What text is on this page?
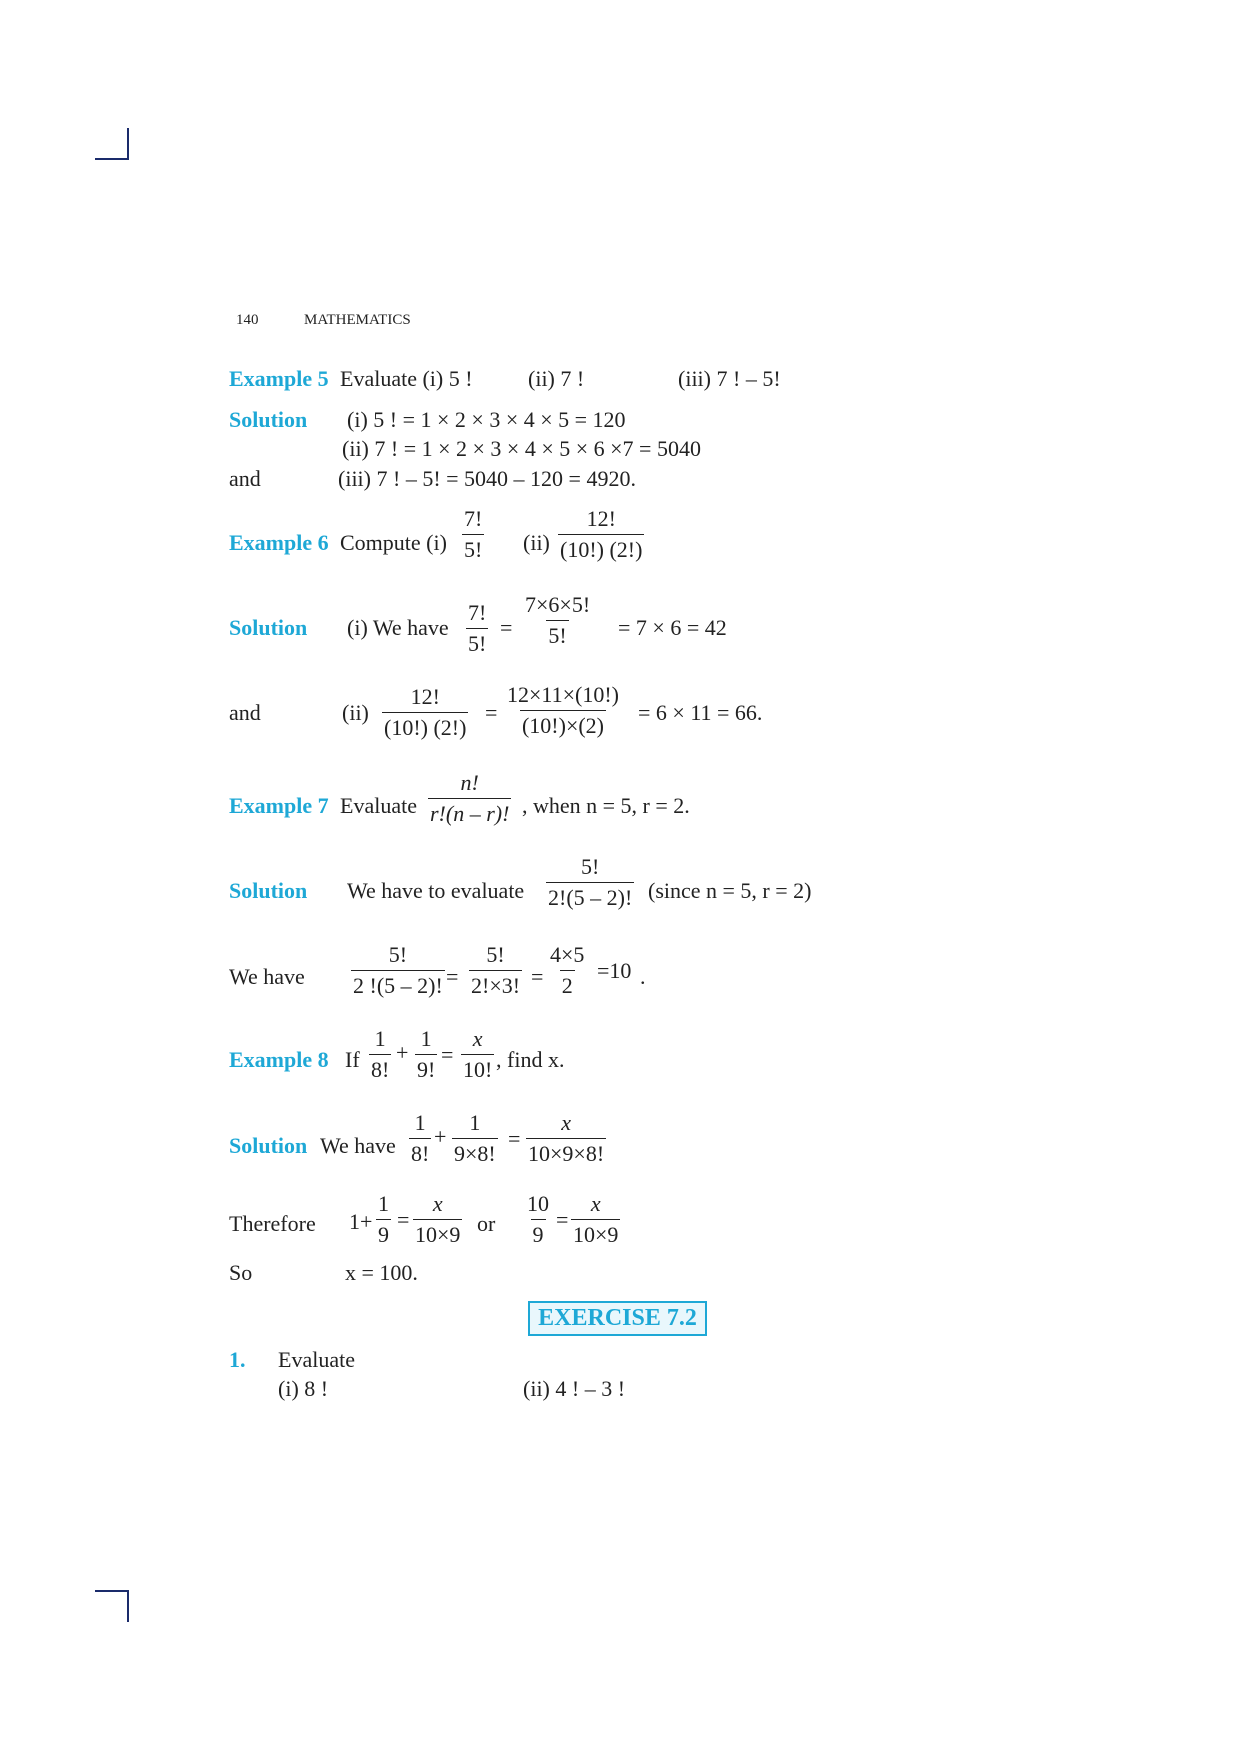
140	MATHEMATICS
Example 5 Evaluate (i) 5 !	(ii) 7 !	(iii) 7 ! – 5!
Solution (i) 5 ! = 1 × 2 × 3 × 4 × 5 = 120
(ii) 7 ! = 1 × 2 × 3 × 4 × 5 × 6 ×7 = 5040
and	(iii) 7 ! – 5! = 5040 – 120 = 4920.
Example 6 Compute $(i) \frac{7!}{5!} (ii) \frac{12!}{(10!) (2!)}$
Solution (i) We have $\frac{7!}{5!} = \frac{7\times 6\times 5!}{5!} = 7 \times 6 = 42$
and	$(ii) \frac{12!}{(10!) (2!)} = \frac{12\times 11\times(10!)}{(10!)\times(2)} = 6 \times 11 = 66$.
Example 7 Evaluate $\frac{n!}{r!(n - r)!}$ , when n = 5, r = 2.
Solution We have to evaluate $\frac{5!}{2!(5 - 2)!}$ (since n = 5, r = 2)
We have $\frac{5!}{2 !(5 - 2)!} = \frac{5!}{2!\times 3!} = \frac{4\times 5}{2} =10$ .
Example 8 If $\frac{1}{8!} + \frac{1}{9!} = \frac{x}{10!}$ , find x.
Solution We have $\frac{1}{8!} + \frac{1}{9\times 8!} = \frac{x}{10\times 9\times 8!}$
Therefore $1+ \frac{1}{9} = \frac{x}{10\times 9}$ or $\frac{10}{9} = \frac{x}{10\times 9}$
So	x = 100.
EXERCISE 7.2
1. Evaluate
(i) 8 !	(ii) 4 ! – 3 !
